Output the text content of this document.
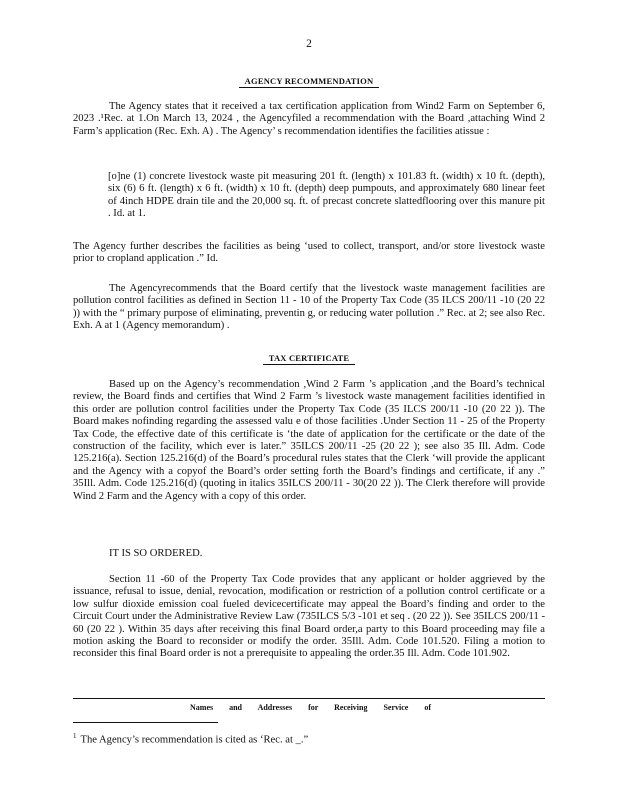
2
AGENCY RECOMMENDATION
The Agency states that it received a tax certification application from Wind2 Farm on September 6, 2023 .¹Rec. at 1.On March 13, 2024 , the Agencyfiled a recommendation with the Board ,attaching Wind 2 Farm’s application (Rec. Exh. A) . The Agency’ s recommendation identifies the facilities atissue :
[o]ne (1) concrete livestock waste pit measuring 201 ft. (length) x 101.83 ft. (width) x 10 ft. (depth), six (6) 6 ft. (length) x 6 ft. (width) x 10 ft. (depth) deep pumpouts, and approximately 680 linear feet of 4inch HDPE drain tile and the 20,000 sq. ft. of precast concrete slattedflooring over this manure pit . Id. at 1.
The Agency further describes the facilities as being ‘used to collect, transport, and/or store livestock waste prior to cropland application .” Id.
The Agencyrecommends that the Board certify that the livestock waste management facilities are pollution control facilities as defined in Section 11 - 10 of the Property Tax Code (35 ILCS 200/11 -10 (20 22 )) with the “ primary purpose of eliminating, preventin g, or reducing water pollution .” Rec. at 2; see also Rec. Exh. A at 1 (Agency memorandum) .
TAX CERTIFICATE
Based up on the Agency’s recommendation ,Wind 2 Farm ’s application ,and the Board’s technical review, the Board finds and certifies that Wind 2 Farm ’s livestock waste management facilities identified in this order are pollution control facilities under the Property Tax Code (35 ILCS 200/11 -10 (20 22 )). The Board makes nofinding regarding the assessed valu e of those facilities .Under Section 11 - 25 of the Property Tax Code, the effective date of this certificate is ‘the date of application for the certificate or the date of the construction of the facility, which ever is later.” 35ILCS 200/11 -25 (20 22 ); see also 35 Ill. Adm. Code 125.216(a). Section 125.216(d) of the Board’s procedural rules states that the Clerk ‘will provide the applicant and the Agency with a copyof the Board’s order setting forth the Board’s findings and certificate, if any .” 35Ill. Adm. Code 125.216(d) (quoting in italics 35ILCS 200/11 - 30(20 22 )). The Clerk therefore will provide Wind 2 Farm and the Agency with a copy of this order.
IT IS SO ORDERED.
Section 11 -60 of the Property Tax Code provides that any applicant or holder aggrieved by the issuance, refusal to issue, denial, revocation, modification or restriction of a pollution control certificate or a low sulfur dioxide emission coal fueled devicecertificate may appeal the Board’s finding and order to the Circuit Court under the Administrative Review Law (735ILCS 5/3 -101 et seq . (20 22 )). See 35ILCS 200/11 - 60 (20 22 ). Within 35 days after receiving this final Board order,a party to this Board proceeding may file a motion asking the Board to reconsider or modify the order. 35Ill. Adm. Code 101.520. Filing a motion to reconsider this final Board order is not a prerequisite to appealing the order.35 Ill. Adm. Code 101.902.
Names and Addresses for Receiving Service of
$^1$ The Agency’s recommendation is cited as ‘Rec. at _.”
